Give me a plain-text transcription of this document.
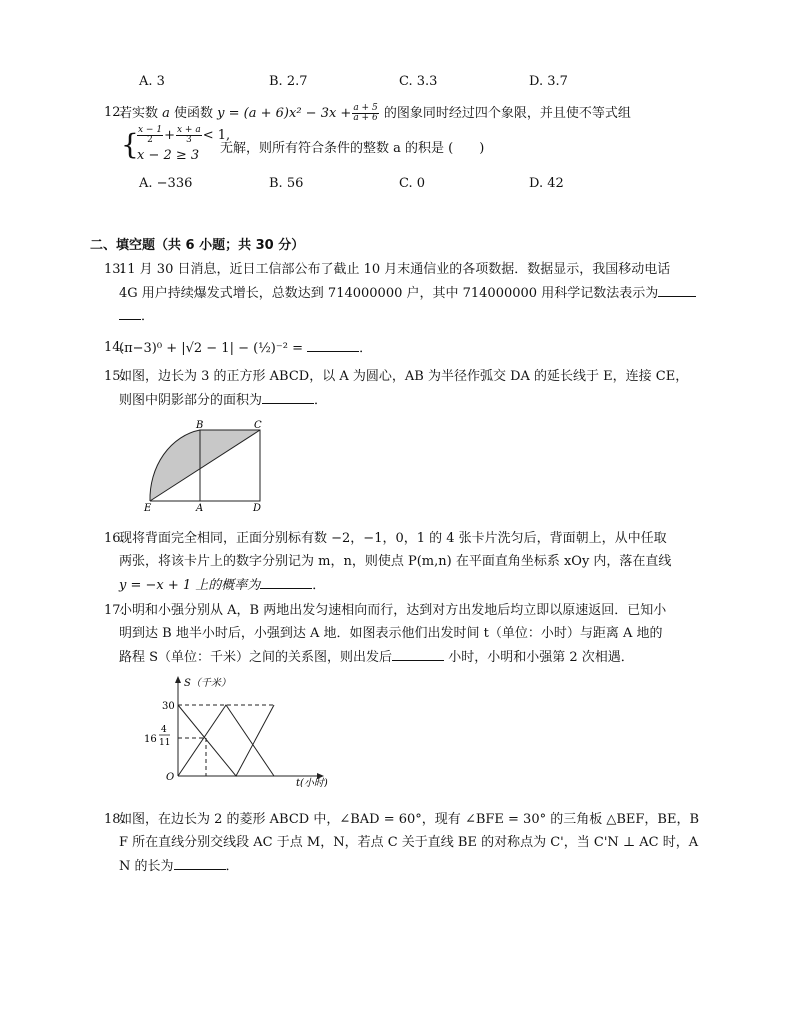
A. 3	B. 2.7	C. 3.3	D. 3.7
12.
若实数 a 使函数 $y = (a + 6)x^2 - 3x + \frac{a + 5}{a + 6}$ 的图象同时经过四个象限，并且使不等式组
{
$\frac{x - 1}{2} + \frac{x + a}{3} < 1$,
x − 2 ≥ 3 无解，则所有符合条件的整数 a 的积是 (　　)
A. −336	B. 56	C. 0	D. 42
二、填空题（共 6 小题；共 30 分）
13.
11 月 30 日消息，近日工信部公布了截止 10 月末通信业的各项数据．数据显示，我国移动电话
4G 用户持续爆发式增长，总数达到 714000000 户，其中 714000000 用科学记数法表示为
．
14.
(π−3)⁰ + |√2 − 1| − (½)⁻² =	．
15.
如图，边长为 3 的正方形 ABCD，以 A 为圆心，AB 为半径作弧交 DA 的延长线于 E，连接 CE，
则图中阴影部分的面积为	．
B	C
E	A	D
16.
现将背面完全相同，正面分别标有数 −2，−1，0，1 的 4 张卡片洗匀后，背面朝上，从中任取
两张，将该卡片上的数字分别记为 m，n，则使点 P(m,n) 在平面直角坐标系 xOy 内，落在直线
y = −x + 1 上的概率为	．
17.
小明和小强分别从 A，B 两地出发匀速相向而行，达到对方出发地后均立即以原速返回．已知小
明到达 B 地半小时后，小强到达 A 地．如图表示他们出发时间 t（单位：小时）与距离 A 地的
路程 S（单位：千米）之间的关系图，则出发后	小时，小明和小强第 2 次相遇．
S（千米）
t(小时)
O
30
16
4
11
18.
如图，在边长为 2 的菱形 ABCD 中，∠BAD = 60°，现有 ∠BFE = 30° 的三角板 △BEF，BE，B
F 所在直线分别交线段 AC 于点 M，N，若点 C 关于直线 BE 的对称点为 C'，当 C'N ⊥ AC 时，A
N 的长为	．
